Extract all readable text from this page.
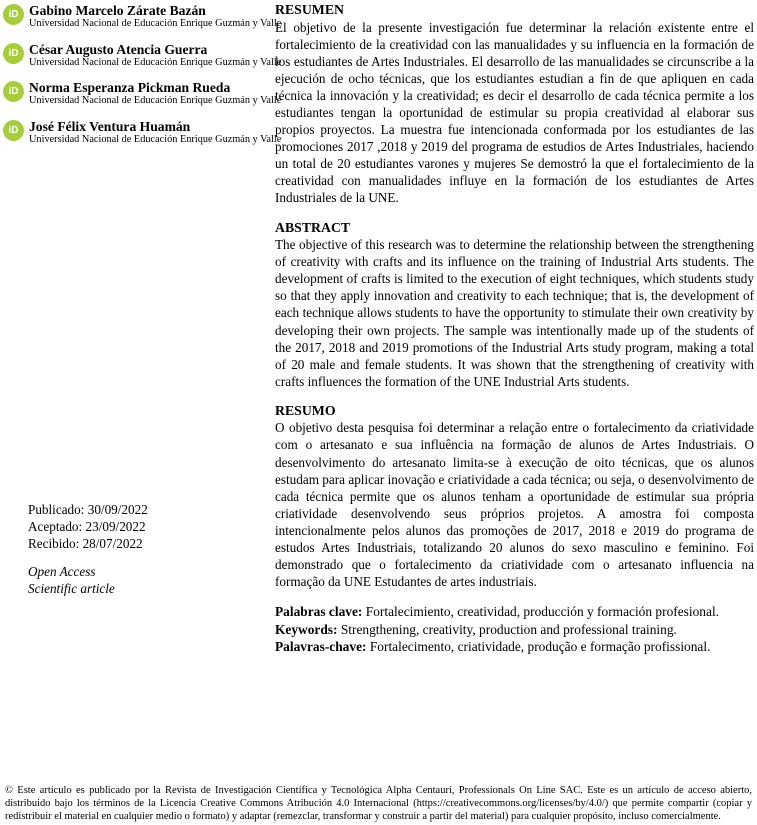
iD Gabino Marcelo Zárate Bazán
Universidad Nacional de Educación Enrique Guzmán y Valle
iD César Augusto Atencia Guerra
Universidad Nacional de Educación Enrique Guzmán y Valle
iD Norma Esperanza Pickman Rueda
Universidad Nacional de Educación Enrique Guzmán y Valle
iD José Félix Ventura Huamán
Universidad Nacional de Educación Enrique Guzmán y Valle
Publicado: 30/09/2022
Aceptado: 23/09/2022
Recibido: 28/07/2022
Open Access
Scientific article
RESUMEN

El objetivo de la presente investigación fue determinar la relación existente entre el fortalecimiento de la creatividad con las manualidades y su influencia en la formación de los estudiantes de Artes Industriales. El desarrollo de las manualidades se circunscribe a la ejecución de ocho técnicas, que los estudiantes estudian a fin de que apliquen en cada técnica la innovación y la creatividad; es decir el desarrollo de cada técnica permite a los estudiantes tengan la oportunidad de estimular su propia creatividad al elaborar sus propios proyectos. La muestra fue intencionada conformada por los estudiantes de las promociones 2017 ,2018 y 2019 del programa de estudios de Artes Industriales, haciendo un total de 20 estudiantes varones y mujeres Se demostró la que el fortalecimiento de la creatividad con manualidades influye en la formación de los estudiantes de Artes Industriales de la UNE.

ABSTRACT

The objective of this research was to determine the relationship between the strengthening of creativity with crafts and its influence on the training of Industrial Arts students. The development of crafts is limited to the execution of eight techniques, which students study so that they apply innovation and creativity to each technique; that is, the development of each technique allows students to have the opportunity to stimulate their own creativity by developing their own projects. The sample was intentionally made up of the students of the 2017, 2018 and 2019 promotions of the Industrial Arts study program, making a total of 20 male and female students. It was shown that the strengthening of creativity with crafts influences the formation of the UNE Industrial Arts students.

RESUMO

O objetivo desta pesquisa foi determinar a relação entre o fortalecimento da criatividade com o artesanato e sua influência na formação de alunos de Artes Industriais. O desenvolvimento do artesanato limita-se à execução de oito técnicas, que os alunos estudam para aplicar inovação e criatividade a cada técnica; ou seja, o desenvolvimento de cada técnica permite que os alunos tenham a oportunidade de estimular sua própria criatividade desenvolvendo seus próprios projetos. A amostra foi composta intencionalmente pelos alunos das promoções de 2017, 2018 e 2019 do programa de estudos Artes Industriais, totalizando 20 alunos do sexo masculino e feminino. Foi demonstrado que o fortalecimento da criatividade com o artesanato influencia na formação da UNE Estudantes de artes industriais.

Palabras clave: Fortalecimiento, creatividad, producción y formación profesional.

Keywords: Strengthening, creativity, production and professional training.

Palavras-chave: Fortalecimento, criatividade, produção e formação profissional.

© Este artículo es publicado por la Revista de Investigación Científica y Tecnológica Alpha Centauri, Professionals On Line SAC. Este es un artículo de acceso abierto, distribuido bajo los términos de la Licencia Creative Commons Atribución 4.0 Internacional (https://creativecommons.org/licenses/by/4.0/) que permite compartir (copiar y redistribuir el material en cualquier medio o formato) y adaptar (remezclar, transformar y construir a partir del material) para cualquier propósito, incluso comercialmente.
